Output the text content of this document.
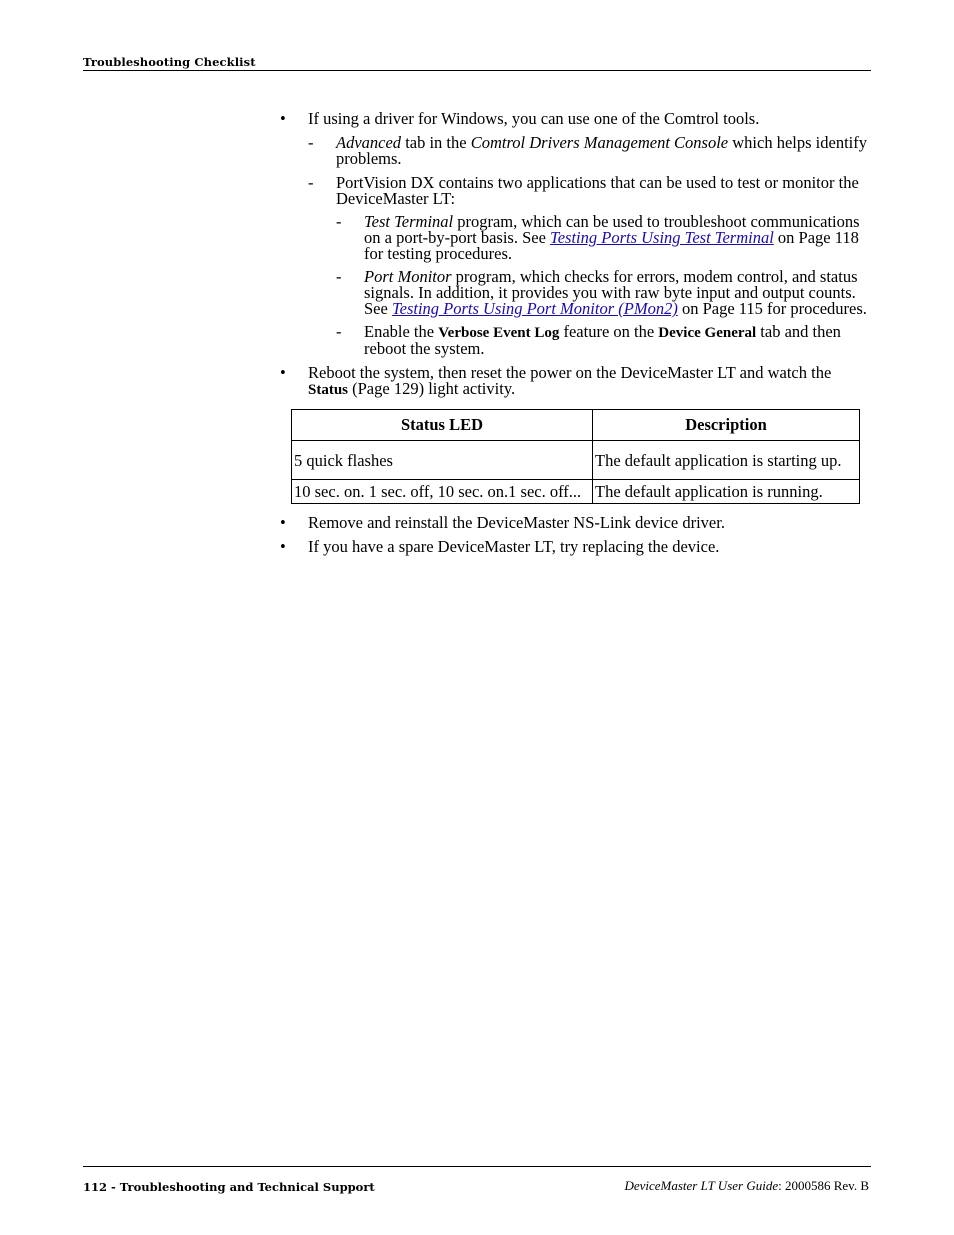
Troubleshooting Checklist
• If using a driver for Windows, you can use one of the Comtrol tools.
- Advanced tab in the Comtrol Drivers Management Console which helps identify problems.
- PortVision DX contains two applications that can be used to test or monitor the DeviceMaster LT:
- Test Terminal program, which can be used to troubleshoot communications on a port-by-port basis. See Testing Ports Using Test Terminal on Page 118 for testing procedures.
- Port Monitor program, which checks for errors, modem control, and status signals. In addition, it provides you with raw byte input and output counts. See Testing Ports Using Port Monitor (PMon2) on Page 115 for procedures.
- Enable the Verbose Event Log feature on the Device General tab and then reboot the system.
• Reboot the system, then reset the power on the DeviceMaster LT and watch the Status (Page 129) light activity.
Status LED	Description
5 quick flashes	The default application is starting up.
10 sec. on. 1 sec. off, 10 sec. on.1 sec. off...	The default application is running.
• Remove and reinstall the DeviceMaster NS-Link device driver.
• If you have a spare DeviceMaster LT, try replacing the device.
112 - Troubleshooting and Technical Support	DeviceMaster LT User Guide: 2000586 Rev. B
